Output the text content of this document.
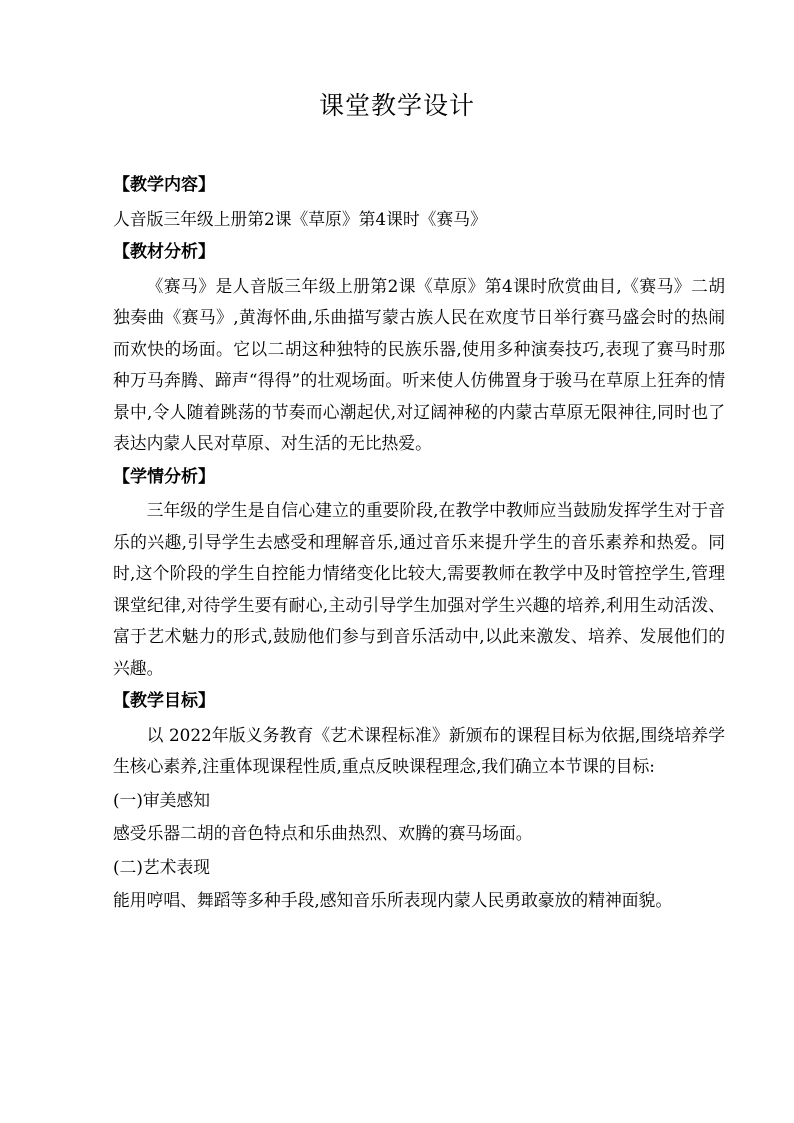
课堂教学设计
【教学内容】
人音版三年级上册第2课《草原》第4课时《赛马》
【教材分析】
《赛马》是人音版三年级上册第2课《草原》第4课时欣赏曲目,《赛马》二胡独奏曲《赛马》,黄海怀曲,乐曲描写蒙古族人民在欢度节日举行赛马盛会时的热闹而欢快的场面。它以二胡这种独特的民族乐器,使用多种演奏技巧,表现了赛马时那种万马奔腾、蹄声“得得”的壮观场面。听来使人仿佛置身于骏马在草原上狂奔的情景中,令人随着跳荡的节奏而心潮起伏,对辽阔神秘的内蒙古草原无限神往,同时也了表达内蒙人民对草原、对生活的无比热爱。
【学情分析】
三年级的学生是自信心建立的重要阶段,在教学中教师应当鼓励发挥学生对于音乐的兴趣,引导学生去感受和理解音乐,通过音乐来提升学生的音乐素养和热爱。同时,这个阶段的学生自控能力情绪变化比较大,需要教师在教学中及时管控学生,管理课堂纪律,对待学生要有耐心,主动引导学生加强对学生兴趣的培养,利用生动活泼、富于艺术魅力的形式,鼓励他们参与到音乐活动中,以此来激发、培养、发展他们的兴趣。
【教学目标】
以 2022年版义务教育《艺术课程标准》新颁布的课程目标为依据,围绕培养学生核心素养,注重体现课程性质,重点反映课程理念,我们确立本节课的目标:
(一)审美感知
感受乐器二胡的音色特点和乐曲热烈、欢腾的赛马场面。
(二)艺术表现
能用哼唱、舞蹈等多种手段,感知音乐所表现内蒙人民勇敢豪放的精神面貌。
